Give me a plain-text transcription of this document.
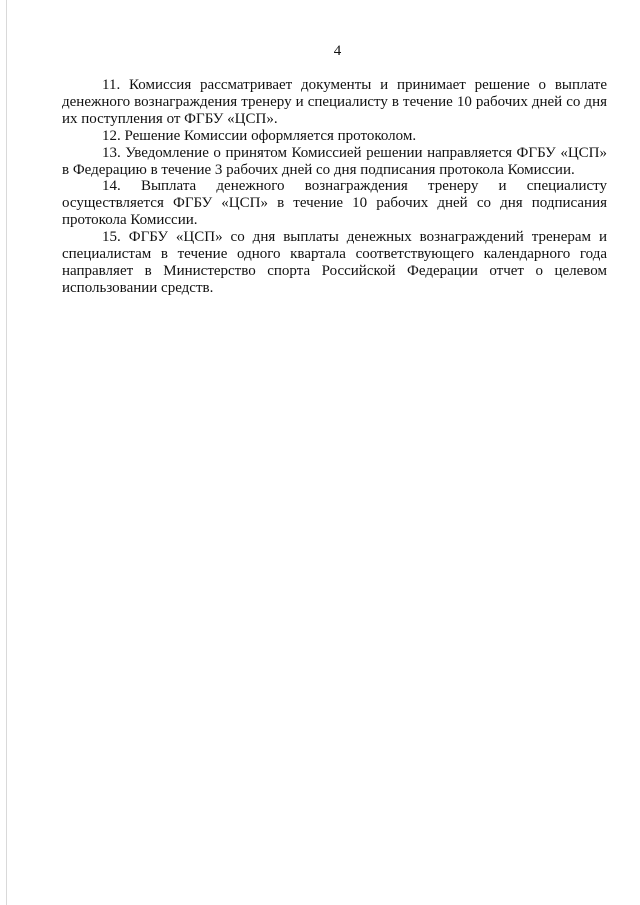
4

11. Комиссия рассматривает документы и принимает решение о выплате денежного вознаграждения тренеру и специалисту в течение 10 рабочих дней со дня их поступления от ФГБУ «ЦСП».

12. Решение Комиссии оформляется протоколом.

13. Уведомление о принятом Комиссией решении направляется ФГБУ «ЦСП» в Федерацию в течение 3 рабочих дней со дня подписания протокола Комиссии.

14. Выплата денежного вознаграждения тренеру и специалисту осуществляется ФГБУ «ЦСП» в течение 10 рабочих дней со дня подписания протокола Комиссии.

15. ФГБУ «ЦСП» со дня выплаты денежных вознаграждений тренерам и специалистам в течение одного квартала соответствующего календарного года направляет в Министерство спорта Российской Федерации отчет о целевом использовании средств.
